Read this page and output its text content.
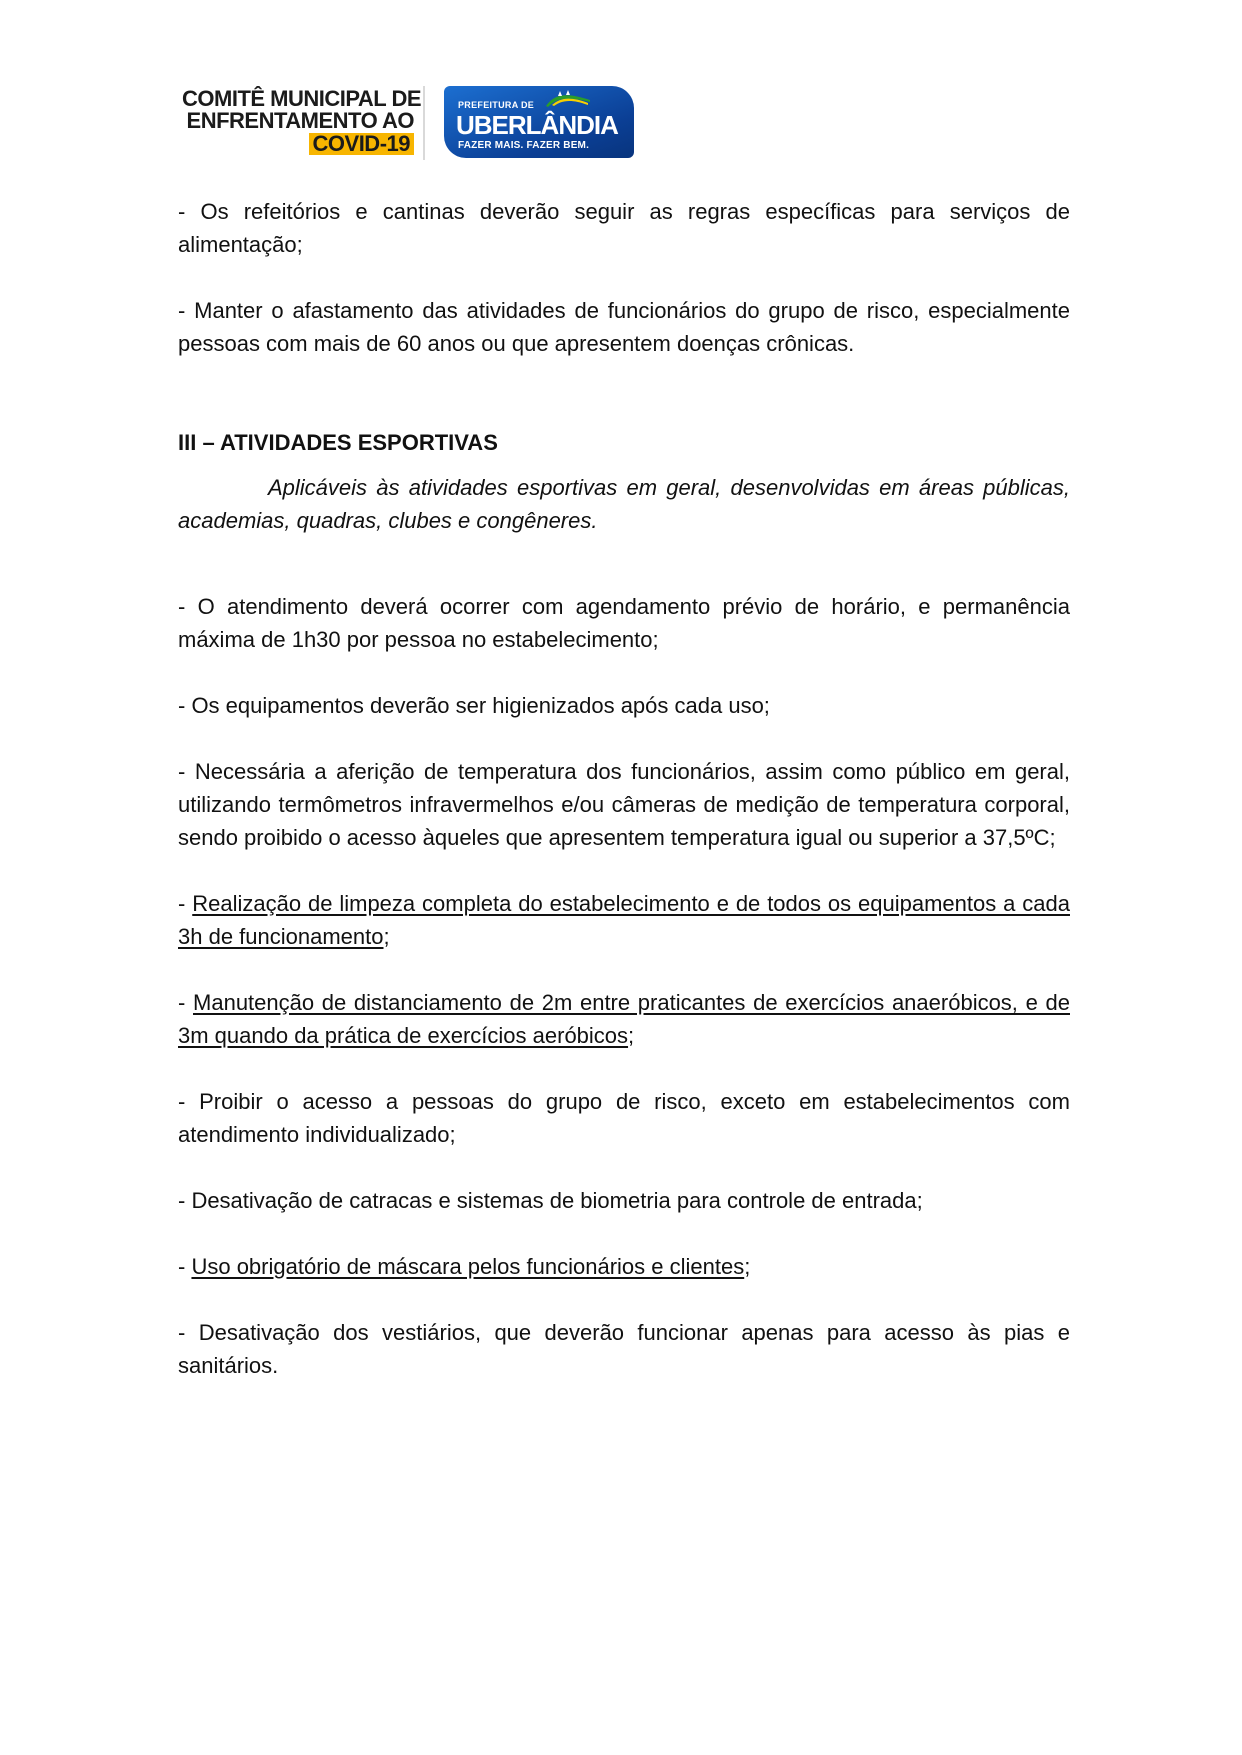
COMITÊ MUNICIPAL DE
ENFRENTAMENTO AO
COVID-19
PREFEITURA DE
UBERLÂNDIA
FAZER MAIS. FAZER BEM.

- Os refeitórios e cantinas deverão seguir as regras específicas para serviços de alimentação;

- Manter o afastamento das atividades de funcionários do grupo de risco, especialmente pessoas com mais de 60 anos ou que apresentem doenças crônicas.

III – ATIVIDADES ESPORTIVAS

Aplicáveis às atividades esportivas em geral, desenvolvidas em áreas públicas, academias, quadras, clubes e congêneres.

- O atendimento deverá ocorrer com agendamento prévio de horário, e permanência máxima de 1h30 por pessoa no estabelecimento;

- Os equipamentos deverão ser higienizados após cada uso;

- Necessária a aferição de temperatura dos funcionários, assim como público em geral, utilizando termômetros infravermelhos e/ou câmeras de medição de temperatura corporal, sendo proibido o acesso àqueles que apresentem temperatura igual ou superior a 37,5ºC;

- Realização de limpeza completa do estabelecimento e de todos os equipamentos a cada 3h de funcionamento;

- Manutenção de distanciamento de 2m entre praticantes de exercícios anaeróbicos, e de 3m quando da prática de exercícios aeróbicos;

- Proibir o acesso a pessoas do grupo de risco, exceto em estabelecimentos com atendimento individualizado;

- Desativação de catracas e sistemas de biometria para controle de entrada;

- Uso obrigatório de máscara pelos funcionários e clientes;

- Desativação dos vestiários, que deverão funcionar apenas para acesso às pias e sanitários.
